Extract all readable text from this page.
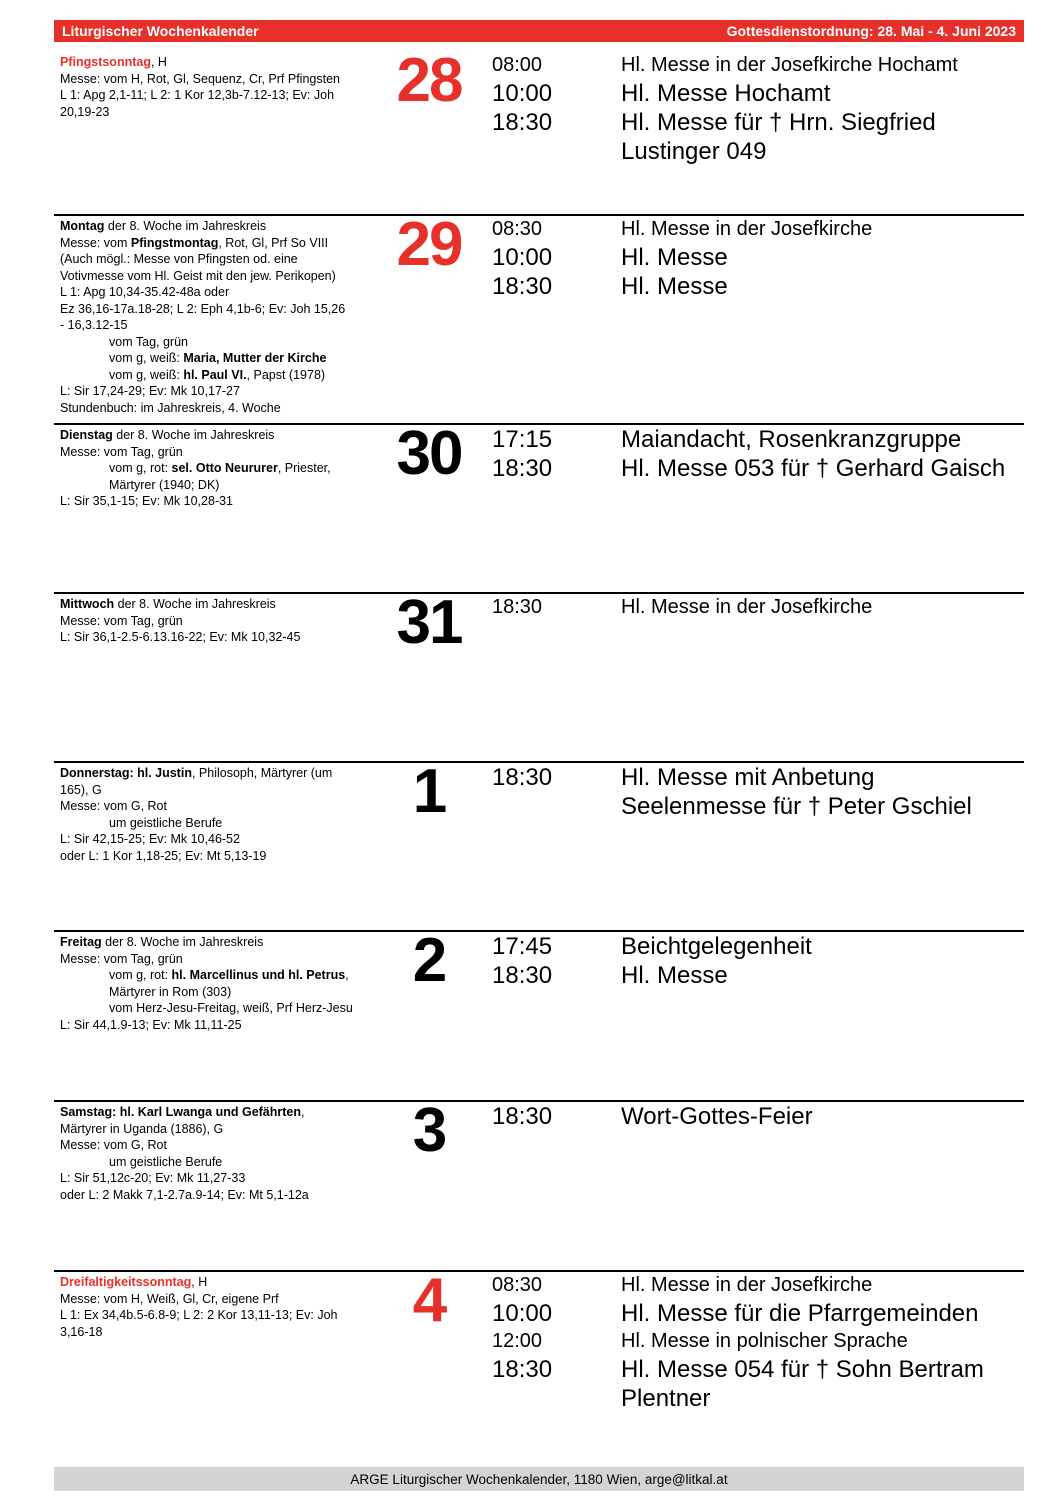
Liturgischer Wochenkalender	Gottesdienstordnung: 28. Mai - 4. Juni 2023
Pfingstsonntag, H
Messe: vom H, Rot, Gl, Sequenz, Cr, Prf Pfingsten
L 1: Apg 2,1-11; L 2: 1 Kor 12,3b-7.12-13; Ev: Joh
20,19-23	28	08:00	Hl. Messe in der Josefkirche Hochamt
10:00	Hl. Messe Hochamt
18:30	Hl. Messe für † Hrn. Siegfried Lustinger 049
Montag der 8. Woche im Jahreskreis
Messe: vom Pfingstmontag, Rot, Gl, Prf So VIII
(Auch mögl.: Messe von Pfingsten od. eine
Votivmesse vom Hl. Geist mit den jew. Perikopen)
L 1: Apg 10,34-35.42-48a oder
Ez 36,16-17a.18-28; L 2: Eph 4,1b-6; Ev: Joh 15,26
- 16,3.12-15
vom Tag, grün
vom g, weiß: Maria, Mutter der Kirche
vom g, weiß: hl. Paul VI., Papst (1978)
L: Sir 17,24-29; Ev: Mk 10,17-27
Stundenbuch: im Jahreskreis, 4. Woche
29	08:30	Hl. Messe in der Josefkirche
10:00	Hl. Messe
18:30	Hl. Messe
Dienstag der 8. Woche im Jahreskreis
Messe: vom Tag, grün
vom g, rot: sel. Otto Neururer, Priester,
Märtyrer (1940; DK)
L: Sir 35,1-15; Ev: Mk 10,28-31
30	17:15	Maiandacht, Rosenkranzgruppe
18:30	Hl. Messe 053 für † Gerhard Gaisch
Mittwoch der 8. Woche im Jahreskreis
Messe: vom Tag, grün
L: Sir 36,1-2.5-6.13.16-22; Ev: Mk 10,32-45	31	18:30	Hl. Messe in der Josefkirche
Donnerstag: hl. Justin, Philosoph, Märtyrer (um
165), G
Messe: vom G, Rot
um geistliche Berufe
L: Sir 42,15-25; Ev: Mk 10,46-52
oder L: 1 Kor 1,18-25; Ev: Mt 5,13-19
1	18:30	Hl. Messe mit Anbetung
Seelenmesse für † Peter Gschiel
Freitag der 8. Woche im Jahreskreis
Messe: vom Tag, grün
vom g, rot: hl. Marcellinus und hl. Petrus,
Märtyrer in Rom (303)
vom Herz-Jesu-Freitag, weiß, Prf Herz-Jesu
L: Sir 44,1.9-13; Ev: Mk 11,11-25
2	17:45	Beichtgelegenheit
18:30	Hl. Messe
Samstag: hl. Karl Lwanga und Gefährten,
Märtyrer in Uganda (1886), G
Messe: vom G, Rot
um geistliche Berufe
L: Sir 51,12c-20; Ev: Mk 11,27-33
oder L: 2 Makk 7,1-2.7a.9-14; Ev: Mt 5,1-12a
3	18:30	Wort-Gottes-Feier
Dreifaltigkeitssonntag, H
Messe: vom H, Weiß, Gl, Cr, eigene Prf
L 1: Ex 34,4b.5-6.8-9; L 2: 2 Kor 13,11-13; Ev: Joh
3,16-18	4	08:30	Hl. Messe in der Josefkirche
10:00	Hl. Messe für die Pfarrgemeinden
12:00	Hl. Messe in polnischer Sprache
18:30	Hl. Messe 054 für † Sohn Bertram Plentner
ARGE Liturgischer Wochenkalender, 1180 Wien, arge@litkal.at
